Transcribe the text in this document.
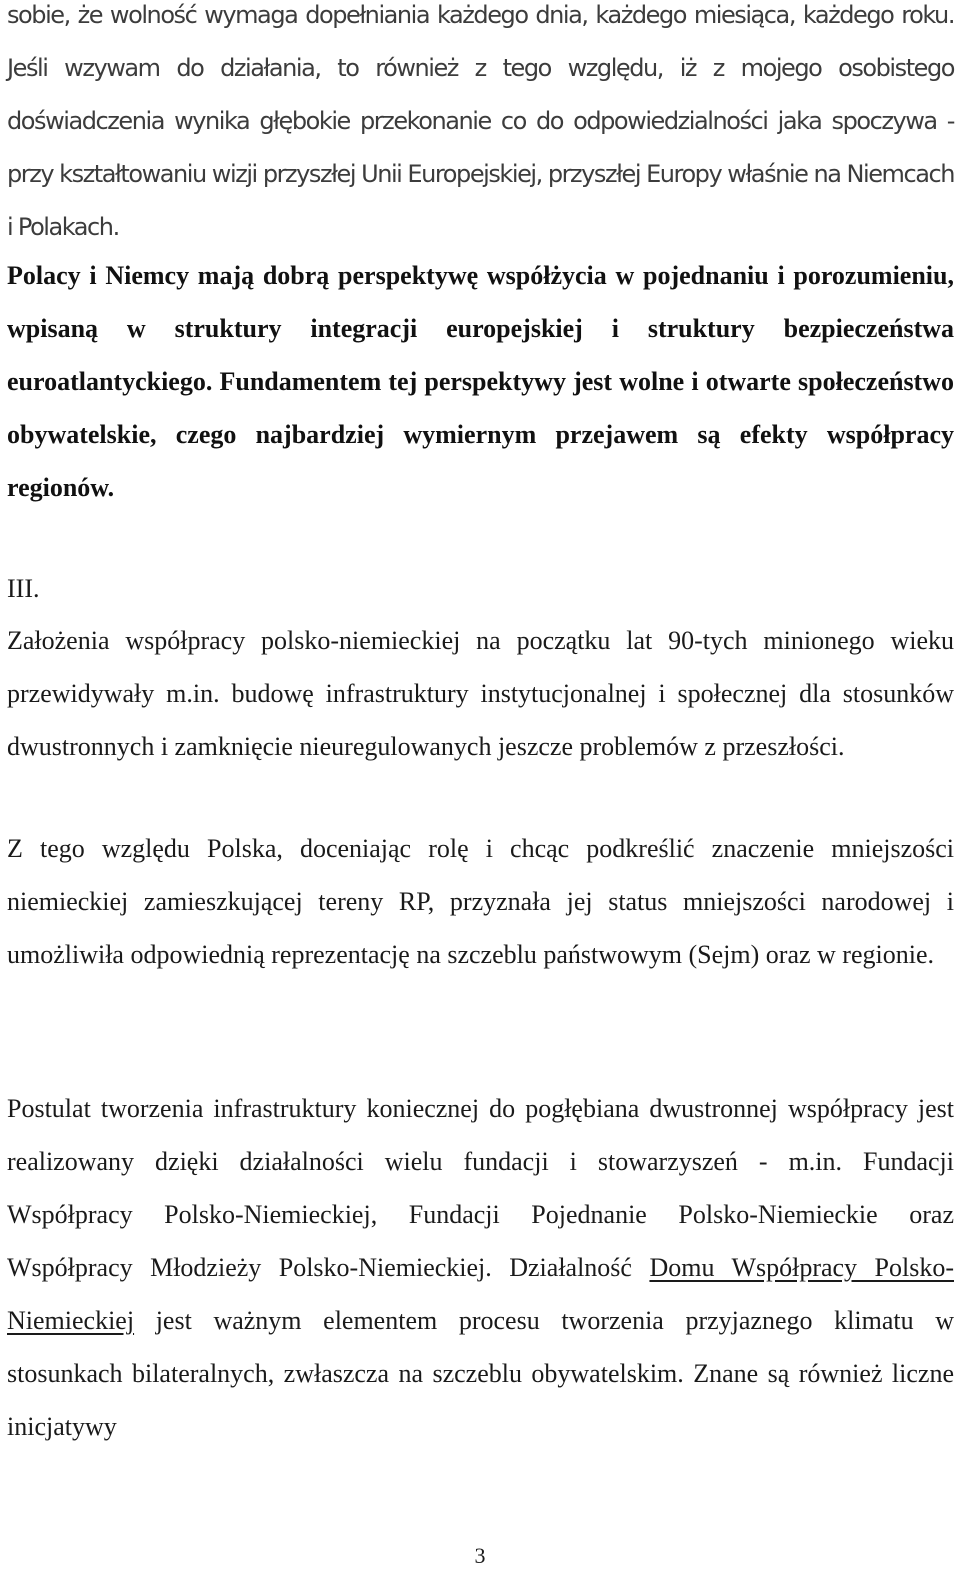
sobie, że wolność wymaga dopełniania każdego dnia, każdego miesiąca, każdego roku. Jeśli wzywam do działania, to również z tego względu, iż z mojego osobistego doświadczenia wynika głębokie przekonanie co do odpowiedzialności jaka spoczywa - przy kształtowaniu wizji przyszłej Unii Europejskiej, przyszłej Europy właśnie na Niemcach i Polakach.

Polacy i Niemcy mają dobrą perspektywę współżycia w pojednaniu i porozumieniu, wpisaną w struktury integracji europejskiej i struktury bezpieczeństwa euroatlantyckiego. Fundamentem tej perspektywy jest wolne i otwarte społeczeństwo obywatelskie, czego najbardziej wymiernym przejawem są efekty współpracy regionów.

III.

Założenia współpracy polsko-niemieckiej na początku lat 90-tych minionego wieku przewidywały m.in. budowę infrastruktury instytucjonalnej i społecznej dla stosunków dwustronnych i zamknięcie nieuregulowanych jeszcze problemów z przeszłości.

Z tego względu Polska, doceniając rolę i chcąc podkreślić znaczenie mniejszości niemieckiej zamieszkującej tereny RP, przyznała jej status mniejszości narodowej i umożliwiła odpowiednią reprezentację na szczeblu państwowym (Sejm) oraz w regionie.

Postulat tworzenia infrastruktury koniecznej do pogłębiana dwustronnej współpracy jest realizowany dzięki działalności wielu fundacji i stowarzyszeń - m.in. Fundacji Współpracy Polsko-Niemieckiej, Fundacji Pojednanie Polsko-Niemieckie oraz Współpracy Młodzieży Polsko-Niemieckiej. Działalność Domu Współpracy Polsko-Niemieckiej jest ważnym elementem procesu tworzenia przyjaznego klimatu w stosunkach bilateralnych, zwłaszcza na szczeblu obywatelskim. Znane są również liczne inicjatywy

3
